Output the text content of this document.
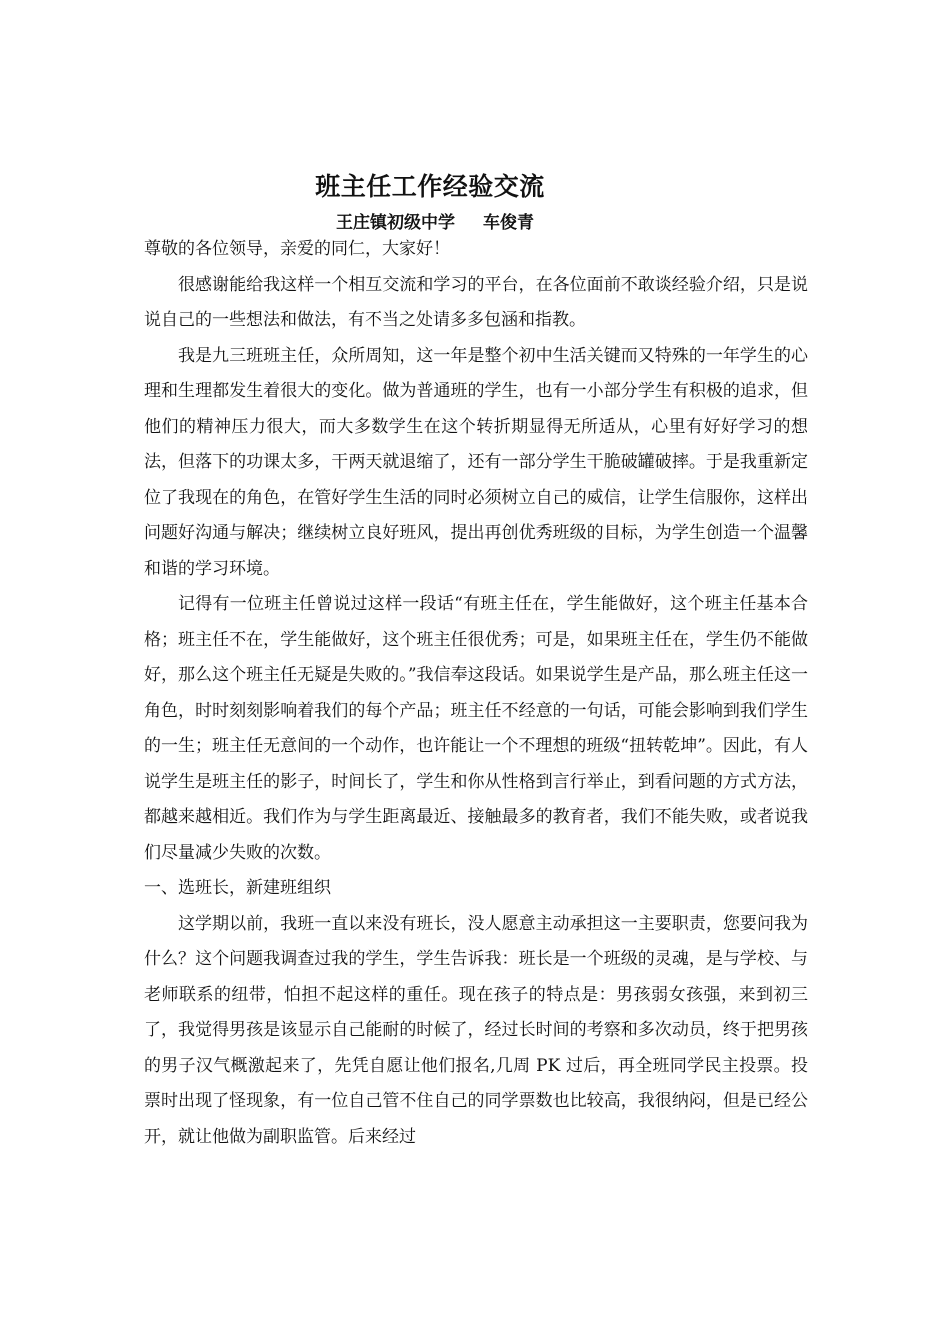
班主任工作经验交流
王庄镇初级中学 车俊青

尊敬的各位领导，亲爱的同仁，大家好！

很感谢能给我这样一个相互交流和学习的平台，在各位面前不敢谈经验介绍，只是说说自己的一些想法和做法，有不当之处请多多包涵和指教。

我是九三班班主任，众所周知，这一年是整个初中生活关键而又特殊的一年学生的心理和生理都发生着很大的变化。做为普通班的学生，也有一小部分学生有积极的追求，但他们的精神压力很大，而大多数学生在这个转折期显得无所适从，心里有好好学习的想法，但落下的功课太多，干两天就退缩了，还有一部分学生干脆破罐破摔。于是我重新定位了我现在的角色，在管好学生生活的同时必须树立自己的威信，让学生信服你，这样出问题好沟通与解决；继续树立良好班风，提出再创优秀班级的目标，为学生创造一个温馨和谐的学习环境。

记得有一位班主任曾说过这样一段话“有班主任在，学生能做好，这个班主任基本合格；班主任不在，学生能做好，这个班主任很优秀；可是，如果班主任在，学生仍不能做好，那么这个班主任无疑是失败的。”我信奉这段话。如果说学生是产品，那么班主任这一角色，时时刻刻影响着我们的每个产品；班主任不经意的一句话，可能会影响到我们学生的一生；班主任无意间的一个动作，也许能让一个不理想的班级“扭转乾坤”。因此，有人说学生是班主任的影子，时间长了，学生和你从性格到言行举止，到看问题的方式方法，都越来越相近。我们作为与学生距离最近、接触最多的教育者，我们不能失败，或者说我们尽量减少失败的次数。

一、选班长，新建班组织

这学期以前，我班一直以来没有班长，没人愿意主动承担这一主要职责，您要问我为什么？这个问题我调查过我的学生，学生告诉我：班长是一个班级的灵魂，是与学校、与老师联系的纽带，怕担不起这样的重任。现在孩子的特点是：男孩弱女孩强，来到初三了，我觉得男孩是该显示自己能耐的时候了，经过长时间的考察和多次动员，终于把男孩的男子汉气概激起来了，先凭自愿让他们报名,几周 PK 过后，再全班同学民主投票。投票时出现了怪现象，有一位自己管不住自己的同学票数也比较高，我很纳闷，但是已经公开，就让他做为副职监管。后来经过
